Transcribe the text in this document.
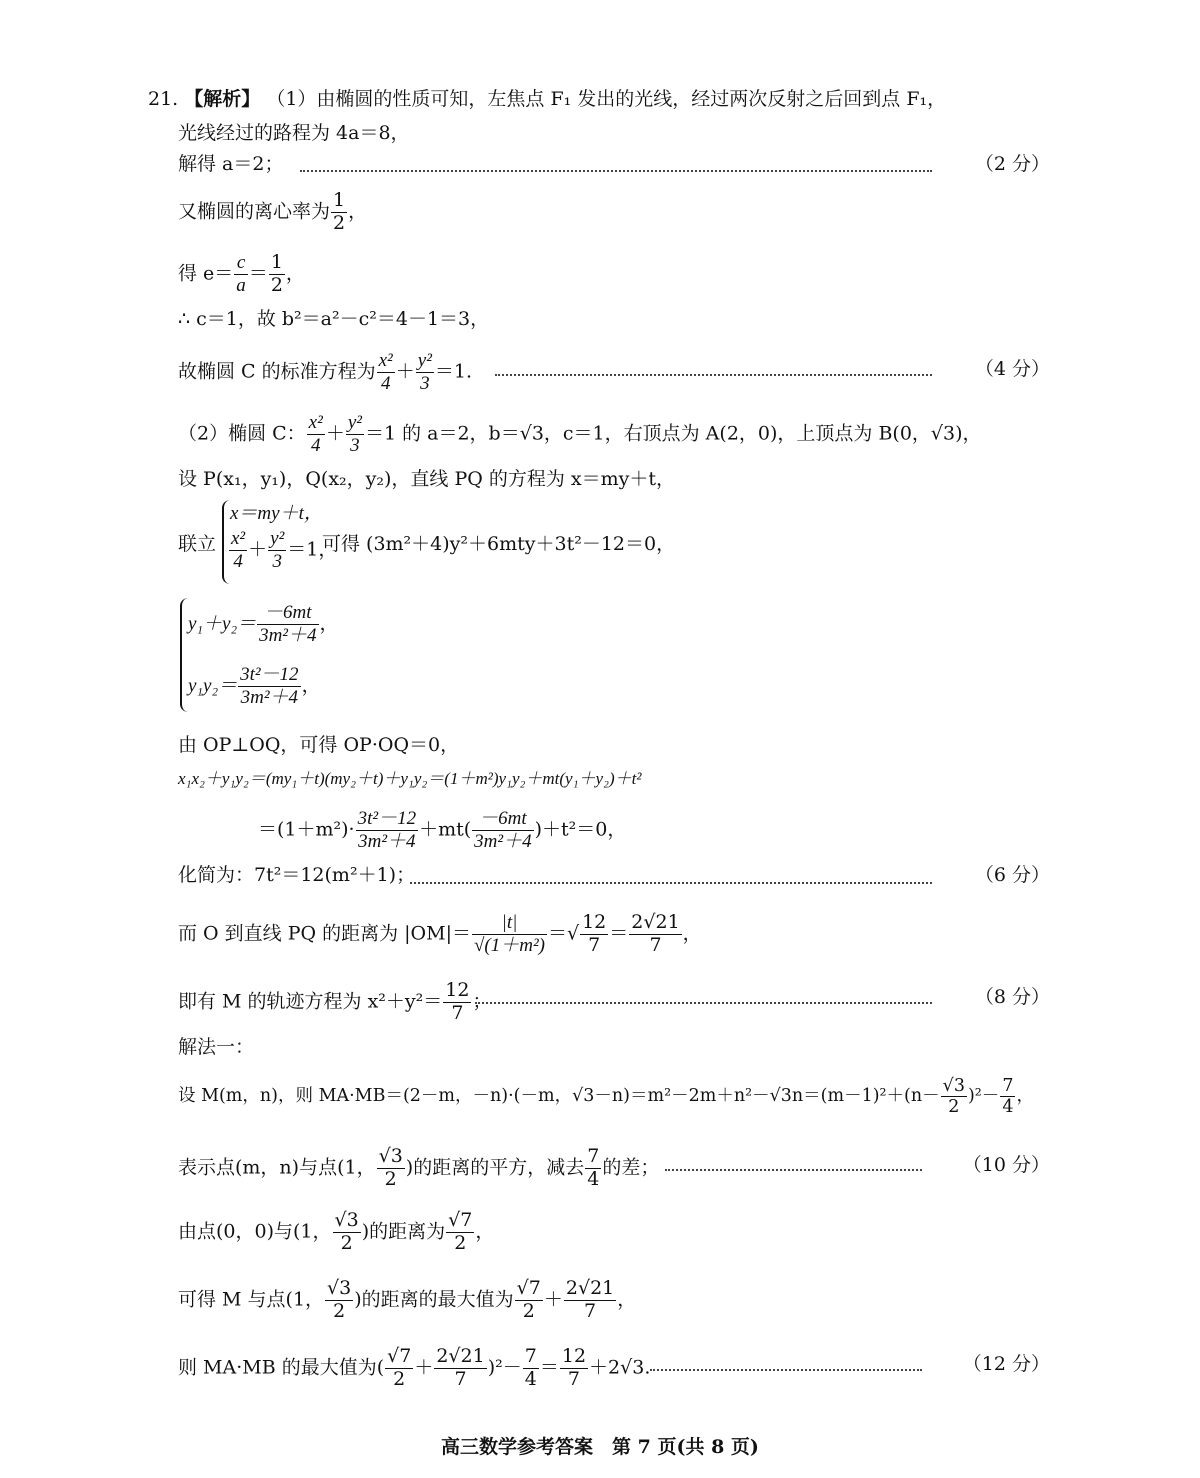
21. 【解析】 （1）由椭圆的性质可知，左焦点 F₁ 发出的光线，经过两次反射之后回到点 F₁，
光线经过的路程为 4a＝8，
解得 a＝2；	（2 分）
又椭圆的离心率为 $\frac{1}{2}$ ，
得 $e= \frac{c}{a} = \frac{1}{2}$ ，
∴ c＝1，故 b²＝a²－c²＝4－1＝3，
故椭圆 C 的标准方程为 $\frac{\text{x²}}{4} + \frac{\text{y²}}{3} =1$.	（4 分）
（2）椭圆 C： $\frac{\text{x²}}{4} + \frac{\text{y²}}{3} =1$ 的 a＝2，b＝√3，c＝1，右顶点为 A(2，0)，上顶点为 B(0，√3)，
设 P(x₁，y₁)，Q(x₂，y₂)，直线 PQ 的方程为 x＝my＋t，
联立
x＝my＋t，
$\frac{\text{x²}}{4} + \frac{\text{y²}}{3} =1$，
可得 (3m²＋4)y²＋6mty＋3t²－12＝0，
$y_1+y_2= \frac{-6mt}{\text{3m²＋4}}$ ，
$y_1y_2= \frac{\text{3t²－12}}{\text{3m²＋4}}$ ，
由 OP⊥OQ，可得 OP·OQ＝0，
x₁x₂＋y₁y₂＝(my₁＋t)(my₂＋t)＋y₁y₂＝(1＋m²)y₁y₂＋mt(y₁＋y₂)＋t²
$=(1+m^2)\cdot \frac{\text{3t²－12}}{\text{3m²＋4}} +mt( \frac{-6mt}{\text{3m²＋4}} )+t^2=0$，
化简为：7t²＝12(m²＋1)；	（6 分）
而 O 到直线 PQ 的距离为 $|OM|= \frac{|t|}{\text{√(1＋m²)}}$ ＝√ $\frac{12}{7} = \frac{2√21}{7}$ ，
即有 M 的轨迹方程为 $x^2+y^2= \frac{12}{7}$ ；	（8 分）
解法一：
设 M(m，n)，则 MA·MB＝(2－m，－n)·(－m，$√3-n)=m^2-2m+n^2-√3n=(m-1)^2+(n- \frac{√3}{2} )^2- \frac{7}{4}$ ，
表示点(m，n)与点(1， $\frac{√3}{2}$ )的距离的平方，减去 $\frac{7}{4}$ 的差；	（10 分）
由点(0，0)与(1， $\frac{√3}{2}$ )的距离为 $\frac{√7}{2}$ ，
可得 M 与点(1， $\frac{√3}{2}$ )的距离的最大值为 $\frac{√7}{2} + \frac{2√21}{7}$ ，
则 MA·MB 的最大值为( $\frac{√7}{2} + \frac{2√21}{7} )^2- \frac{7}{4} = \frac{12}{7} +2√3$.	（12 分）
高三数学参考答案　第 7 页(共 8 页)
